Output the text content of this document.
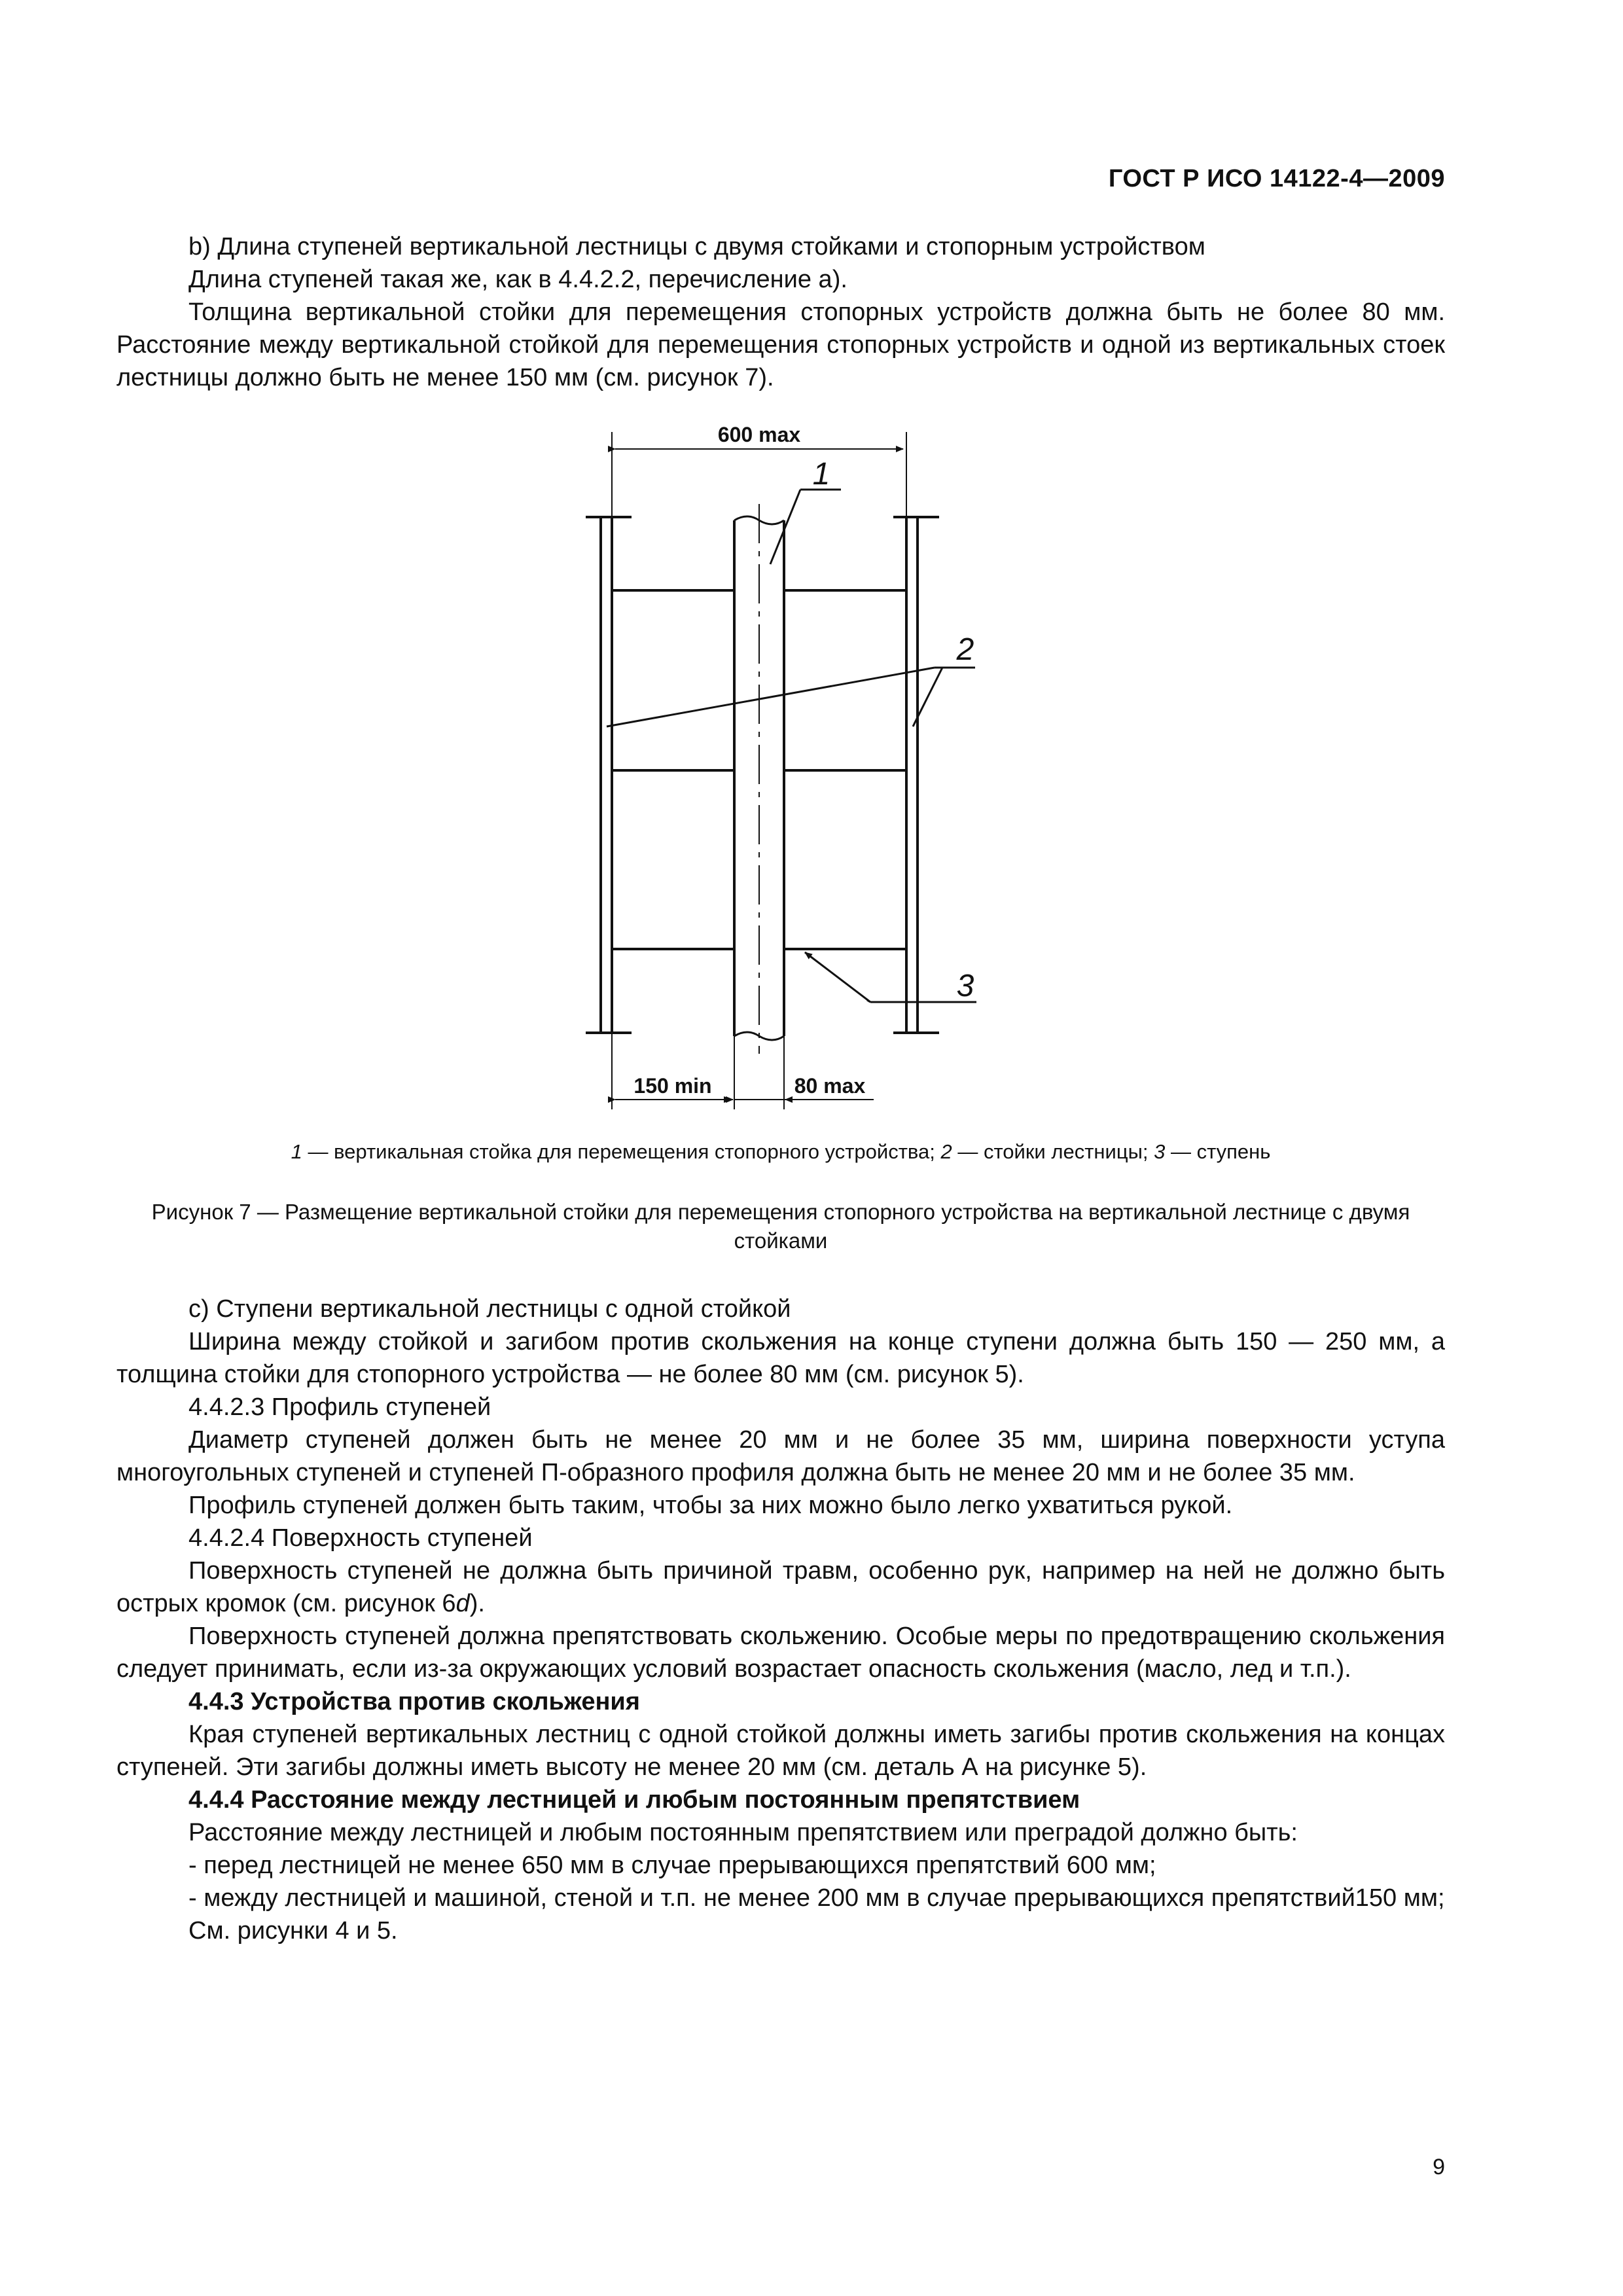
ГОСТ Р ИСО 14122-4—2009

b) Длина ступеней вертикальной лестницы с двумя стойками и стопорным устройством

Длина ступеней такая же, как в 4.4.2.2, перечисление а).

Толщина вертикальной стойки для перемещения стопорных устройств должна быть не более 80 мм. Расстояние между вертикальной стойкой для перемещения стопорных устройств и одной из вертикальных стоек лестницы должно быть не менее 150 мм (см. рисунок 7).

600 max
150 min	80 max
1
2
3
1 — вертикальная стойка для перемещения стопорного устройства; 2 — стойки лестницы; 3 — ступень
Рисунок 7 — Размещение вертикальной стойки для перемещения стопорного устройства на вертикальной лестнице с двумя стойками

c) Ступени вертикальной лестницы с одной стойкой

Ширина между стойкой и загибом против скольжения на конце ступени должна быть 150 — 250 мм, а толщина стойки для стопорного устройства — не более 80 мм (см. рисунок 5).

4.4.2.3 Профиль ступеней

Диаметр ступеней должен быть не менее 20 мм и не более 35 мм, ширина поверхности уступа многоугольных ступеней и ступеней П-образного профиля должна быть не менее 20 мм и не более 35 мм.

Профиль ступеней должен быть таким, чтобы за них можно было легко ухватиться рукой.

4.4.2.4 Поверхность ступеней

Поверхность ступеней не должна быть причиной травм, особенно рук, например на ней не должно быть острых кромок (см. рисунок 6d).

Поверхность ступеней должна препятствовать скольжению. Особые меры по предотвращению скольжения следует принимать, если из-за окружающих условий возрастает опасность скольжения (масло, лед и т.п.).

4.4.3 Устройства против скольжения

Края ступеней вертикальных лестниц с одной стойкой должны иметь загибы против скольжения на концах ступеней. Эти загибы должны иметь высоту не менее 20 мм (см. деталь А на рисунке 5).

4.4.4 Расстояние между лестницей и любым постоянным препятствием

Расстояние между лестницей и любым постоянным препятствием или преградой должно быть:

- перед лестницей не менее 650 мм в случае прерывающихся препятствий 600 мм;

- между лестницей и машиной, стеной и т.п. не менее 200 мм в случае прерывающихся препятствий150 мм;

См. рисунки 4 и 5.

9
